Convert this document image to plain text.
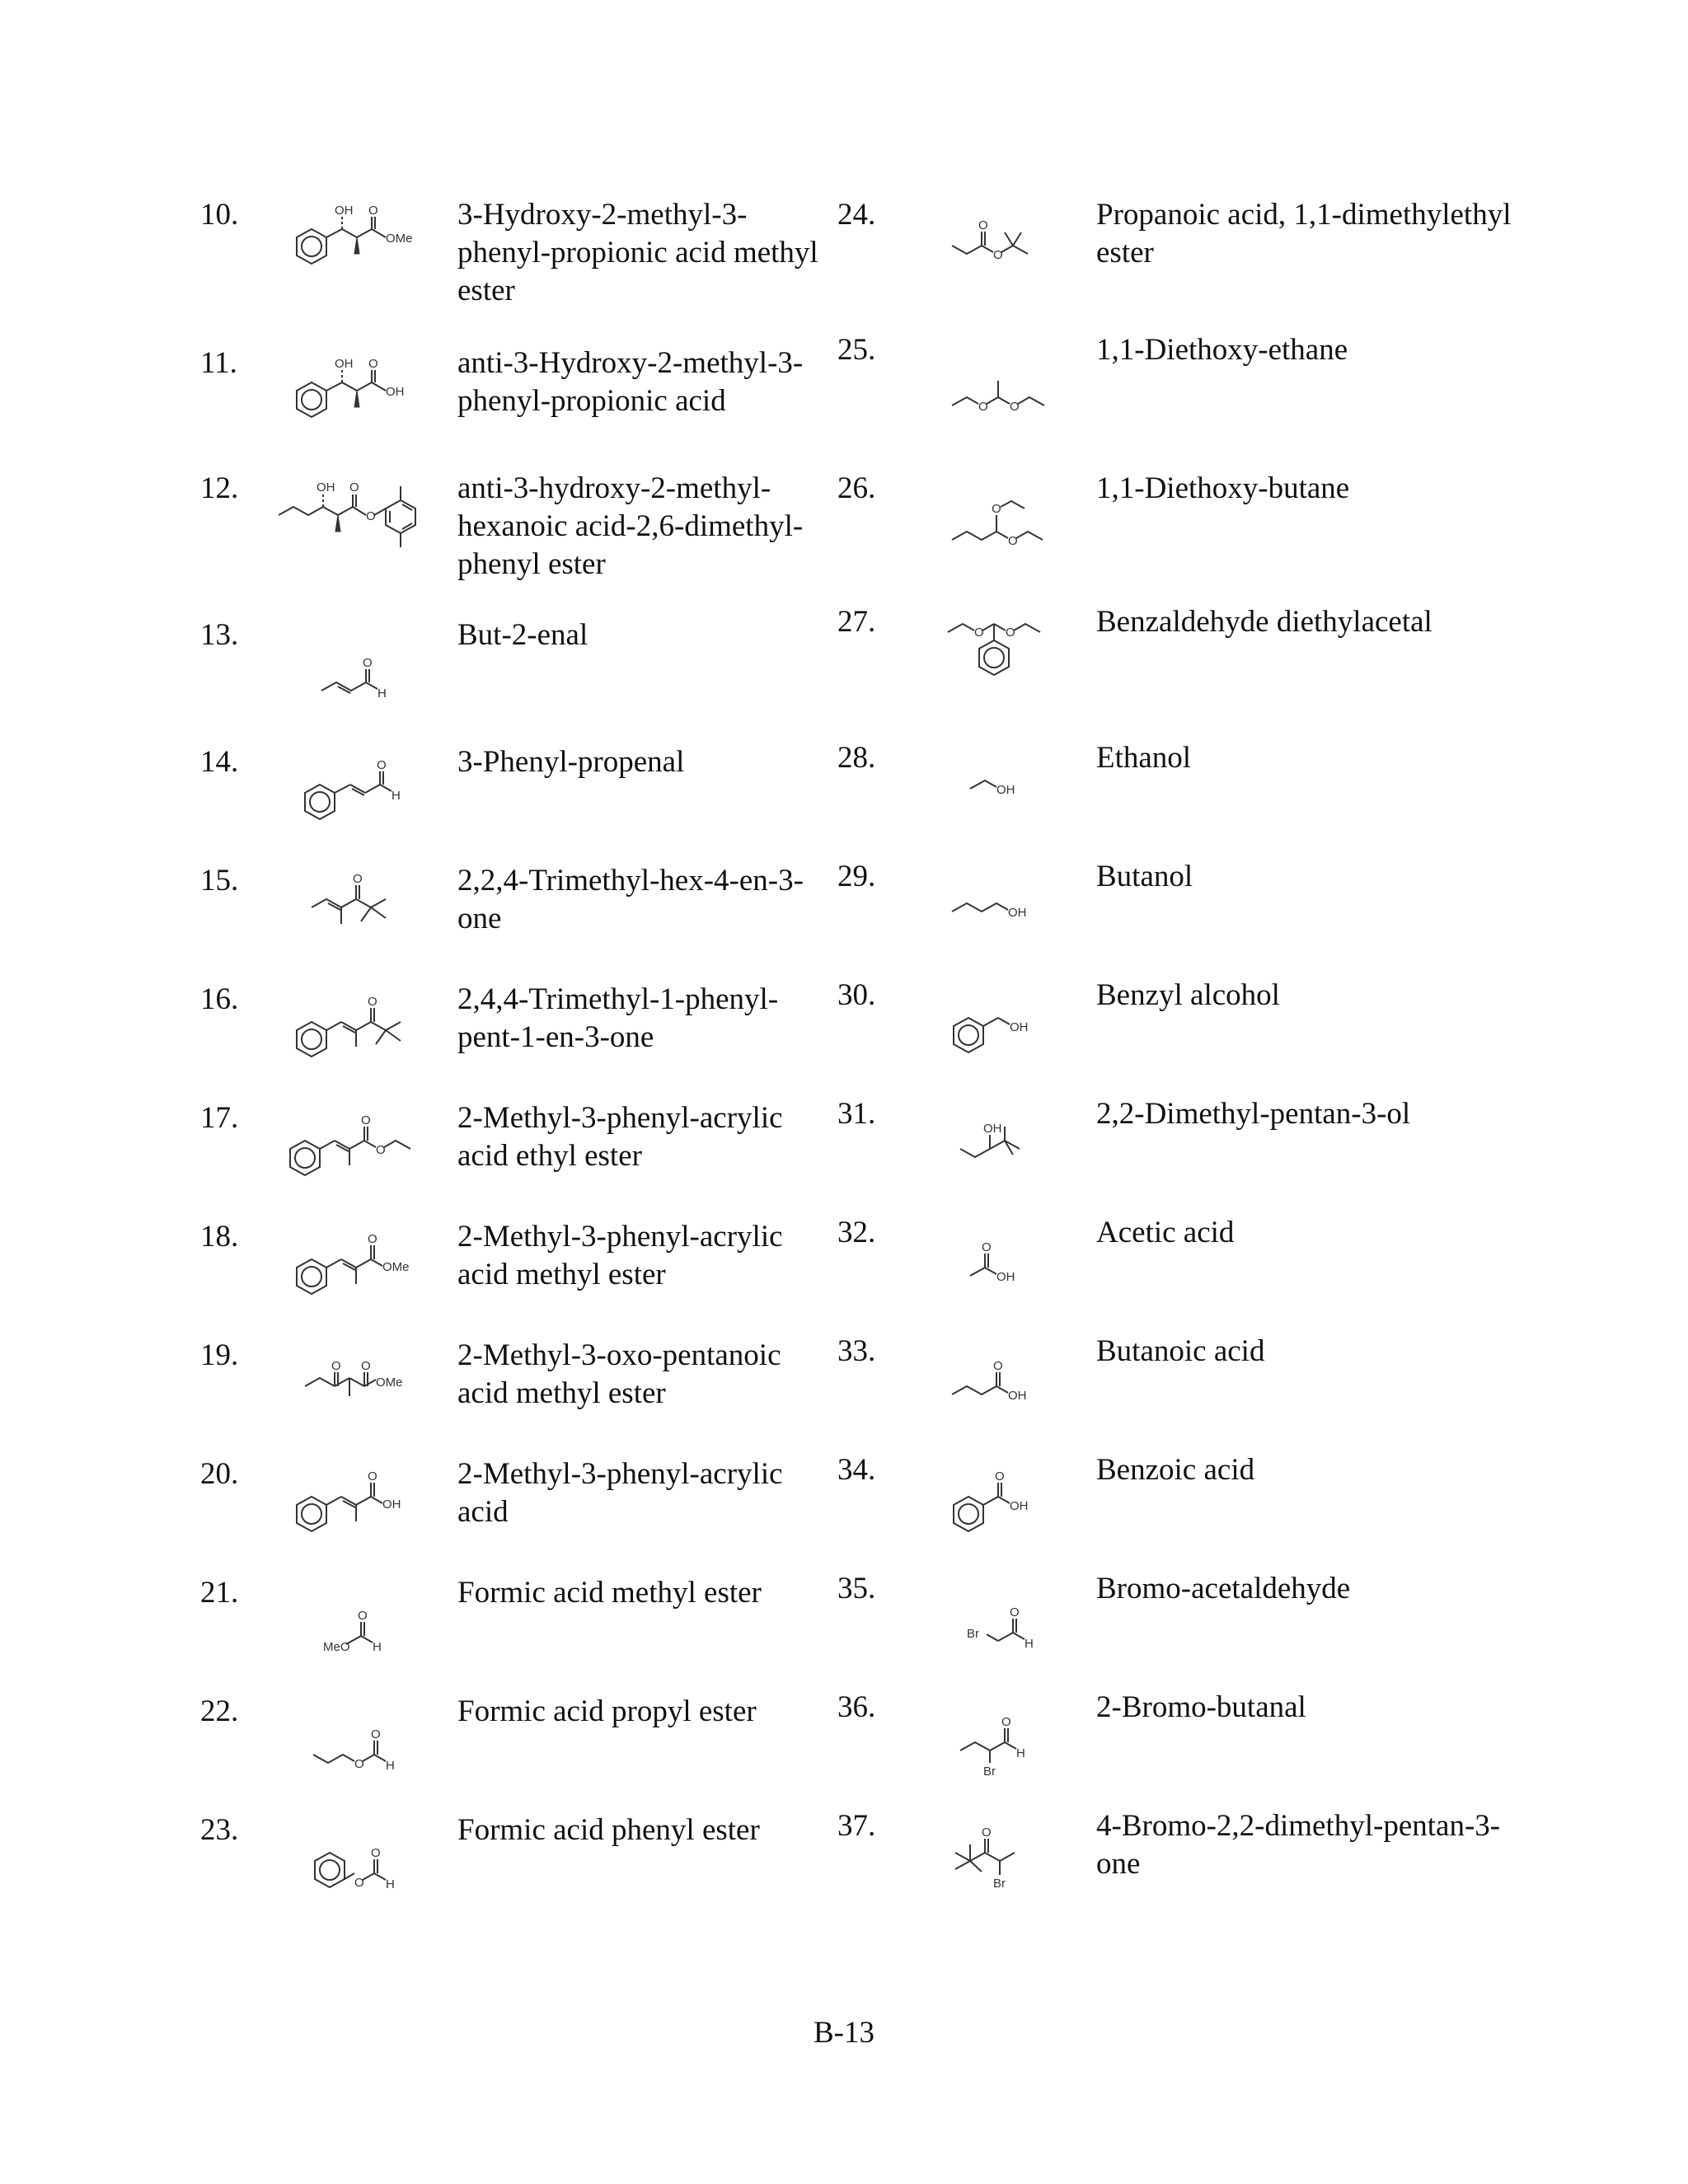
10.	OH O
OMe
3-Hydroxy-2-methyl-3-phenyl-propionic acid methyl ester
11.	OH O
OH
anti-3-Hydroxy-2-methyl-3-phenyl-propionic acid
12.	OH O
O
anti-3-hydroxy-2-methyl-hexanoic acid-2,6-dimethyl-phenyl ester
13.
O
H
But-2-enal
14.	O
H
3-Phenyl-propenal
15.	O	2,2,4-Trimethyl-hex-4-en-3-one
16.	O	2,4,4-Trimethyl-1-phenyl-pent-1-en-3-one
17.	O
O
2-Methyl-3-phenyl-acrylic acid ethyl ester
18.	O
OMe
2-Methyl-3-phenyl-acrylic acid methyl ester
19.	O O
OMe
2-Methyl-3-oxo-pentanoic acid methyl ester
20.	O
OH
2-Methyl-3-phenyl-acrylic acid
21.
O
MeO H
Formic acid methyl ester
22.
O
O H
Formic acid propyl ester
23.
O
O H
Formic acid phenyl ester
24.	O
O
Propanoic acid, 1,1-dimethylethyl ester
25.
O O
1,1-Diethoxy-ethane
26.
O
O
1,1-Diethoxy-butane
27.	O O	Benzaldehyde diethylacetal
28.
OH
Ethanol
29.
OH
Butanol
30.
OH
Benzyl alcohol
31.	OH	2,2-Dimethyl-pentan-3-ol
32.	O
OH
Acetic acid
33.	O
OH
Butanoic acid
34.	O
OH
Benzoic acid
35.
Br
O
H
Bromo-acetaldehyde
36.	O
H
Br
2-Bromo-butanal
37.	O
Br
4-Bromo-2,2-dimethyl-pentan-3-one
B-13
